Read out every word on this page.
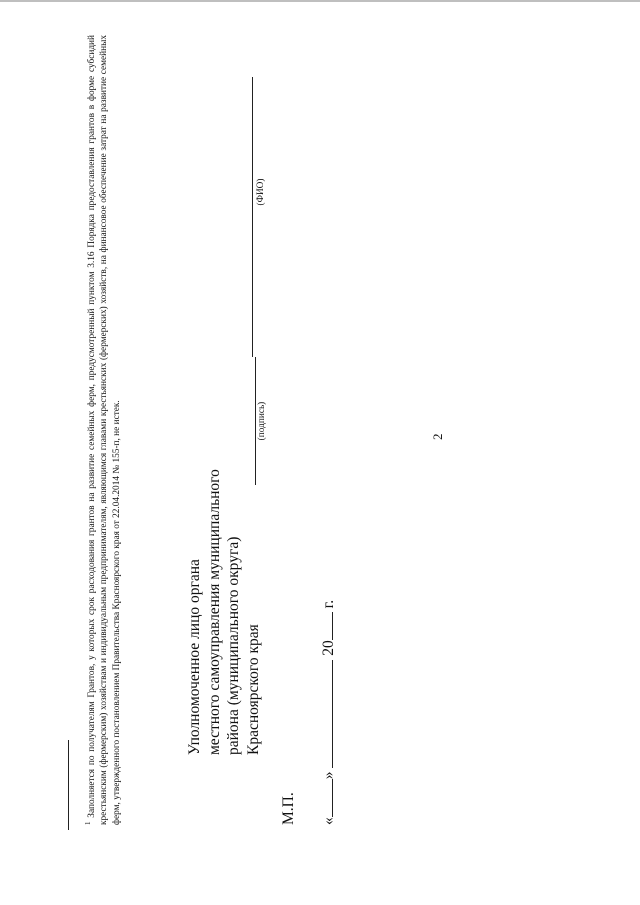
2
$^1$ Заполняется по получателям Грантов, у которых срок расходования грантов на развитие семейных ферм, предусмотренный пунктом 3.16 Порядка предоставления грантов в форме субсидий крестьянским (фермерским) хозяйствам и индивидуальным предпринимателям, являющимся главами крестьянских (фермерских) хозяйств, на финансовое обеспечение затрат на развитие семейных ферм, утвержденного постановлением Правительства Красноярского края от 22.04.2014 № 155-п, не истек.	Уполномоченное лицо органа местного самоуправления муниципального района (муниципального округа) Красноярского края
(подпись)
(ФИО)
М.П. «»  20 г.
